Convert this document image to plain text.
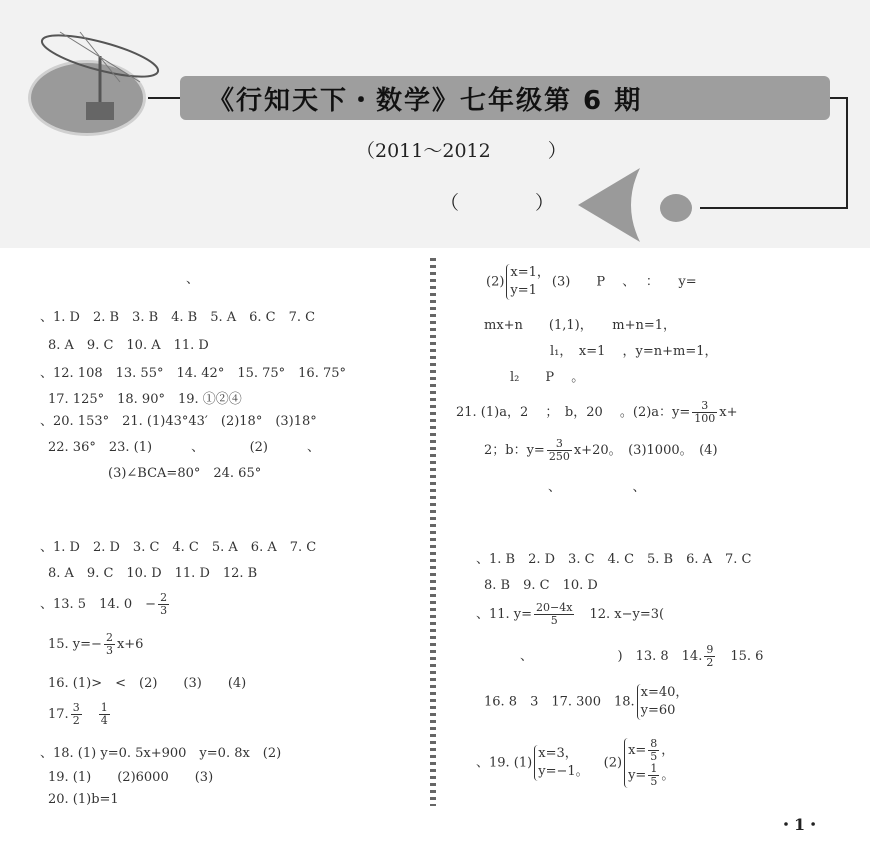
《行知天下・数学》七年级第 6 期
（2011～2012　　　）
（　　　　）
、
、1. D　2. B　3. B　4. B　5. A　6. C　7. C
8. A　9. C　10. A　11. D
、12. 108　13. 55°　14. 42°　15. 75°　16. 75°
17. 125°　18. 90°　19. ①②④
、20. 153°　21. (1)43°43′　(2)18°　(3)18°
22. 36°　23. (1)　　　、　　　　(2)　　　、
(3)∠BCA=80°　24. 65°
、1. D　2. D　3. C　4. C　5. A　6. A　7. C
8. A　9. C　10. D　11. D　12. B
、13. 5　14. 0　− $\frac{2}{3}$
15. $y=- \frac{2}{3} x+6$
16. (1)>　<　(2)　　(3)　　(4)
17. $\frac{3}{2}$
　 $\frac{1}{4}$
、18. (1) y=0. 5x+900　y=0. 8x　(2)
19. (1)　　(2)6000　　(3)
20. (1)b=1
(2)
x=1，
y=1
(3)　　P　 、　 ：　　y=
mx+n　　(1,1)，　　m+n=1，
l₁，　x=1　 ，y=n+m=1，
l₂　　P　 。
21. (1)a，2　 ；　b，20　 。(2)a：$y= \frac{3}{100} x+$
2；b：$y= \frac{3}{250} x+20$。　(3)1000。　(4)
、　　　　　　、
、1. B　2. D　3. C　4. C　5. B　6. A　7. C
8. B　9. C　10. D
、11. $y= \frac{20-4x}{5}$ 　12. x−y=3(
、　　　　　　　)　13. 8　14. $\frac{9}{2}$ 　15. 6
16. 8　3　17. 300　18.
x=40，
y=60
、19. (1)
x=3，
y=−1。
　(2)
$x= \frac{8}{5}$ ，
$y= \frac{1}{5}$ 。
・1・
